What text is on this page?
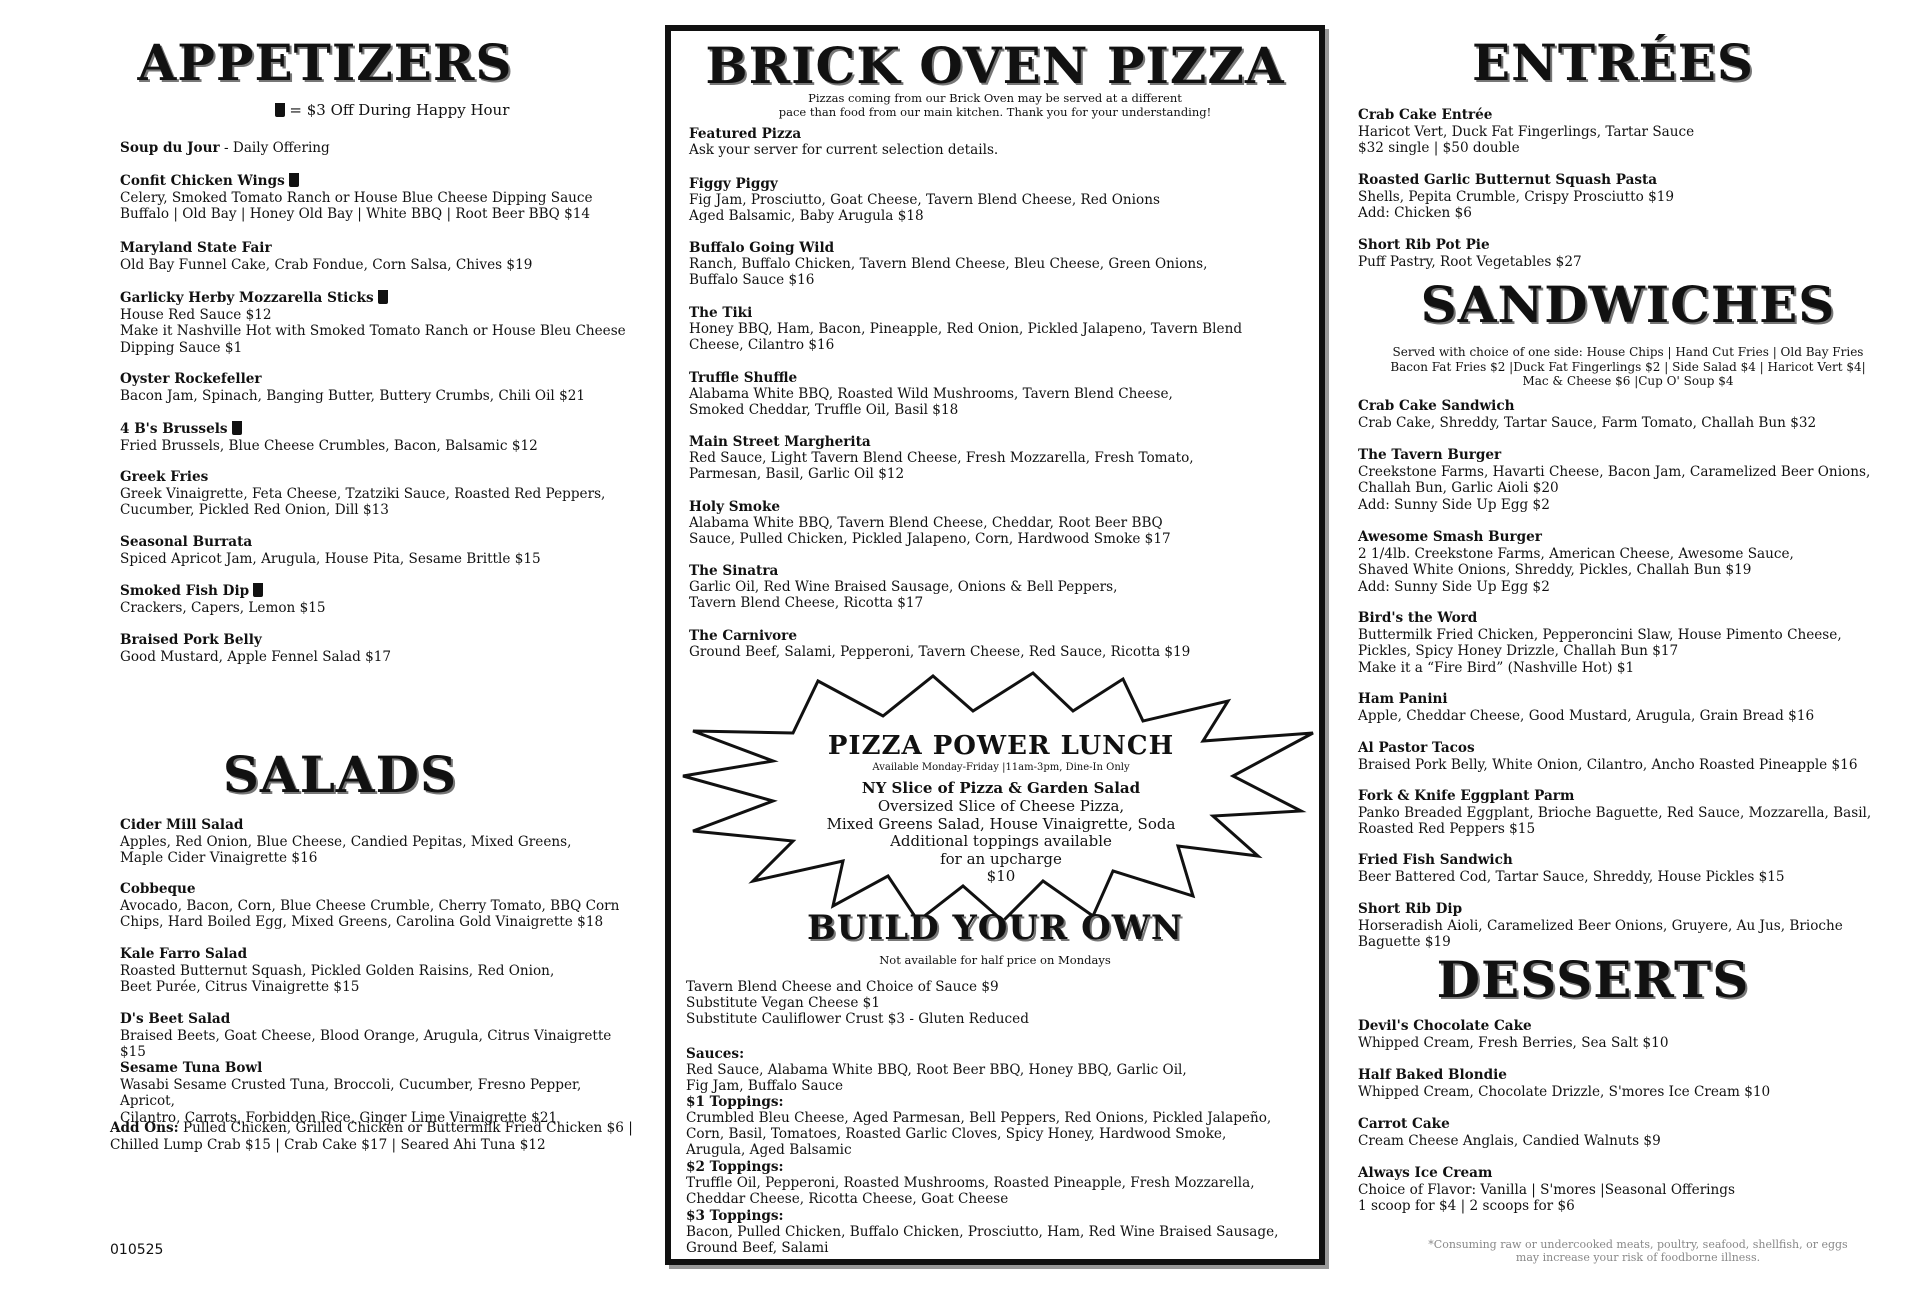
APPETIZERS
= $3 Off During Happy Hour
Soup du Jour - Daily Offering
Confit Chicken Wings
Celery, Smoked Tomato Ranch or House Blue Cheese Dipping Sauce
Buffalo | Old Bay | Honey Old Bay | White BBQ | Root Beer BBQ $14
Maryland State Fair
Old Bay Funnel Cake, Crab Fondue, Corn Salsa, Chives $19
Garlicky Herby Mozzarella Sticks
House Red Sauce $12
Make it Nashville Hot with Smoked Tomato Ranch or House Bleu Cheese
Dipping Sauce $1
Oyster Rockefeller
Bacon Jam, Spinach, Banging Butter, Buttery Crumbs, Chili Oil $21
4 B's Brussels
Fried Brussels, Blue Cheese Crumbles, Bacon, Balsamic $12
Greek Fries
Greek Vinaigrette, Feta Cheese, Tzatziki Sauce, Roasted Red Peppers,
Cucumber, Pickled Red Onion, Dill $13
Seasonal Burrata
Spiced Apricot Jam, Arugula, House Pita, Sesame Brittle $15
Smoked Fish Dip
Crackers, Capers, Lemon $15
Braised Pork Belly
Good Mustard, Apple Fennel Salad $17
SALADS
Cider Mill Salad
Apples, Red Onion, Blue Cheese, Candied Pepitas, Mixed Greens,
Maple Cider Vinaigrette $16
Cobbeque
Avocado, Bacon, Corn, Blue Cheese Crumble, Cherry Tomato, BBQ Corn
Chips, Hard Boiled Egg, Mixed Greens, Carolina Gold Vinaigrette $18
Kale Farro Salad
Roasted Butternut Squash, Pickled Golden Raisins, Red Onion,
Beet Purée, Citrus Vinaigrette $15
D's Beet Salad
Braised Beets, Goat Cheese, Blood Orange, Arugula, Citrus Vinaigrette $15
Sesame Tuna Bowl
Wasabi Sesame Crusted Tuna, Broccoli, Cucumber, Fresno Pepper, Apricot,
Cilantro, Carrots, Forbidden Rice, Ginger Lime Vinaigrette $21
Add Ons: Pulled Chicken, Grilled Chicken or Buttermilk Fried Chicken $6 |
Chilled Lump Crab $15 | Crab Cake $17 | Seared Ahi Tuna $12
010525
BRICK OVEN PIZZA
Pizzas coming from our Brick Oven may be served at a different
pace than food from our main kitchen. Thank you for your understanding!
Featured Pizza
Ask your server for current selection details.
Figgy Piggy
Fig Jam, Prosciutto, Goat Cheese, Tavern Blend Cheese, Red Onions
Aged Balsamic, Baby Arugula $18
Buffalo Going Wild
Ranch, Buffalo Chicken, Tavern Blend Cheese, Bleu Cheese, Green Onions,
Buffalo Sauce $16
The Tiki
Honey BBQ, Ham, Bacon, Pineapple, Red Onion, Pickled Jalapeno, Tavern Blend
Cheese, Cilantro $16
Truffle Shuffle
Alabama White BBQ, Roasted Wild Mushrooms, Tavern Blend Cheese,
Smoked Cheddar, Truffle Oil, Basil $18
Main Street Margherita
Red Sauce, Light Tavern Blend Cheese, Fresh Mozzarella, Fresh Tomato,
Parmesan, Basil, Garlic Oil $12
Holy Smoke
Alabama White BBQ, Tavern Blend Cheese, Cheddar, Root Beer BBQ
Sauce, Pulled Chicken, Pickled Jalapeno, Corn, Hardwood Smoke $17
The Sinatra
Garlic Oil, Red Wine Braised Sausage, Onions & Bell Peppers,
Tavern Blend Cheese, Ricotta $17
The Carnivore
Ground Beef, Salami, Pepperoni, Tavern Cheese, Red Sauce, Ricotta $19
PIZZA POWER LUNCH
Available Monday-Friday |11am-3pm, Dine-In Only
NY Slice of Pizza & Garden Salad
Oversized Slice of Cheese Pizza,
Mixed Greens Salad, House Vinaigrette, Soda
Additional toppings available
for an upcharge
$10
BUILD YOUR OWN
Not available for half price on Mondays
Tavern Blend Cheese and Choice of Sauce $9
Substitute Vegan Cheese $1
Substitute Cauliflower Crust $3 - Gluten Reduced
Sauces:
Red Sauce, Alabama White BBQ, Root Beer BBQ, Honey BBQ, Garlic Oil,
Fig Jam, Buffalo Sauce
$1 Toppings:
Crumbled Bleu Cheese, Aged Parmesan, Bell Peppers, Red Onions, Pickled Jalapeño,
Corn, Basil, Tomatoes, Roasted Garlic Cloves, Spicy Honey, Hardwood Smoke,
Arugula, Aged Balsamic
$2 Toppings:
Truffle Oil, Pepperoni, Roasted Mushrooms, Roasted Pineapple, Fresh Mozzarella,
Cheddar Cheese, Ricotta Cheese, Goat Cheese
$3 Toppings:
Bacon, Pulled Chicken, Buffalo Chicken, Prosciutto, Ham, Red Wine Braised Sausage,
Ground Beef, Salami
ENTRÉES
Crab Cake Entrée
Haricot Vert, Duck Fat Fingerlings, Tartar Sauce
$32 single | $50 double
Roasted Garlic Butternut Squash Pasta
Shells, Pepita Crumble, Crispy Prosciutto $19
Add: Chicken $6
Short Rib Pot Pie
Puff Pastry, Root Vegetables $27
SANDWICHES
Served with choice of one side: House Chips | Hand Cut Fries | Old Bay Fries
Bacon Fat Fries $2 |Duck Fat Fingerlings $2 | Side Salad $4 | Haricot Vert $4|
Mac & Cheese $6 |Cup O' Soup $4
Crab Cake Sandwich
Crab Cake, Shreddy, Tartar Sauce, Farm Tomato, Challah Bun $32
The Tavern Burger
Creekstone Farms, Havarti Cheese, Bacon Jam, Caramelized Beer Onions,
Challah Bun, Garlic Aioli $20
Add: Sunny Side Up Egg $2
Awesome Smash Burger
2 1/4lb. Creekstone Farms, American Cheese, Awesome Sauce,
Shaved White Onions, Shreddy, Pickles, Challah Bun $19
Add: Sunny Side Up Egg $2
Bird's the Word
Buttermilk Fried Chicken, Pepperoncini Slaw, House Pimento Cheese,
Pickles, Spicy Honey Drizzle, Challah Bun $17
Make it a “Fire Bird” (Nashville Hot) $1
Ham Panini
Apple, Cheddar Cheese, Good Mustard, Arugula, Grain Bread $16
Al Pastor Tacos
Braised Pork Belly, White Onion, Cilantro, Ancho Roasted Pineapple $16
Fork & Knife Eggplant Parm
Panko Breaded Eggplant, Brioche Baguette, Red Sauce, Mozzarella, Basil,
Roasted Red Peppers $15
Fried Fish Sandwich
Beer Battered Cod, Tartar Sauce, Shreddy, House Pickles $15
Short Rib Dip
Horseradish Aioli, Caramelized Beer Onions, Gruyere, Au Jus, Brioche Baguette $19
DESSERTS
Devil's Chocolate Cake
Whipped Cream, Fresh Berries, Sea Salt $10
Half Baked Blondie
Whipped Cream, Chocolate Drizzle, S'mores Ice Cream $10
Carrot Cake
Cream Cheese Anglais, Candied Walnuts $9
Always Ice Cream
Choice of Flavor: Vanilla | S'mores |Seasonal Offerings
1 scoop for $4 | 2 scoops for $6
*Consuming raw or undercooked meats, poultry, seafood, shellfish, or eggs
may increase your risk of foodborne illness.
